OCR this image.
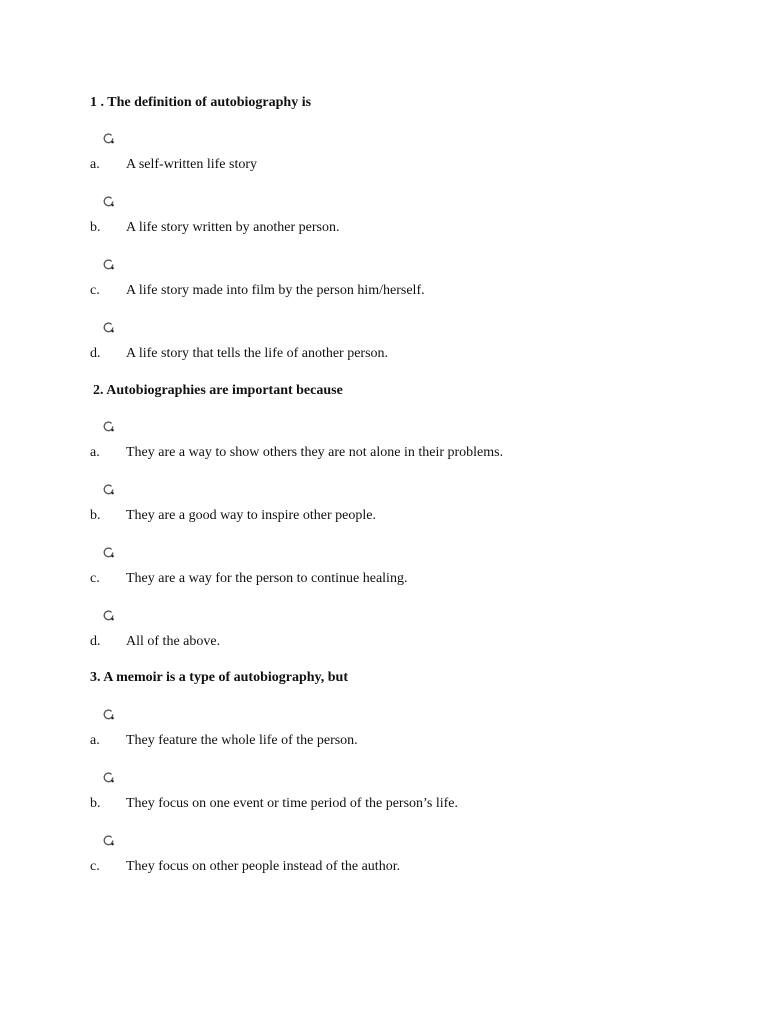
1 . The definition of autobiography is
a. A self-written life story
b. A life story written by another person.
c. A life story made into film by the person him/herself.
d. A life story that tells the life of another person.
2. Autobiographies are important because
a. They are a way to show others they are not alone in their problems.
b. They are a good way to inspire other people.
c. They are a way for the person to continue healing.
d. All of the above.
3. A memoir is a type of autobiography, but
a. They feature the whole life of the person.
b. They focus on one event or time period of the person’s life.
c. They focus on other people instead of the author.
